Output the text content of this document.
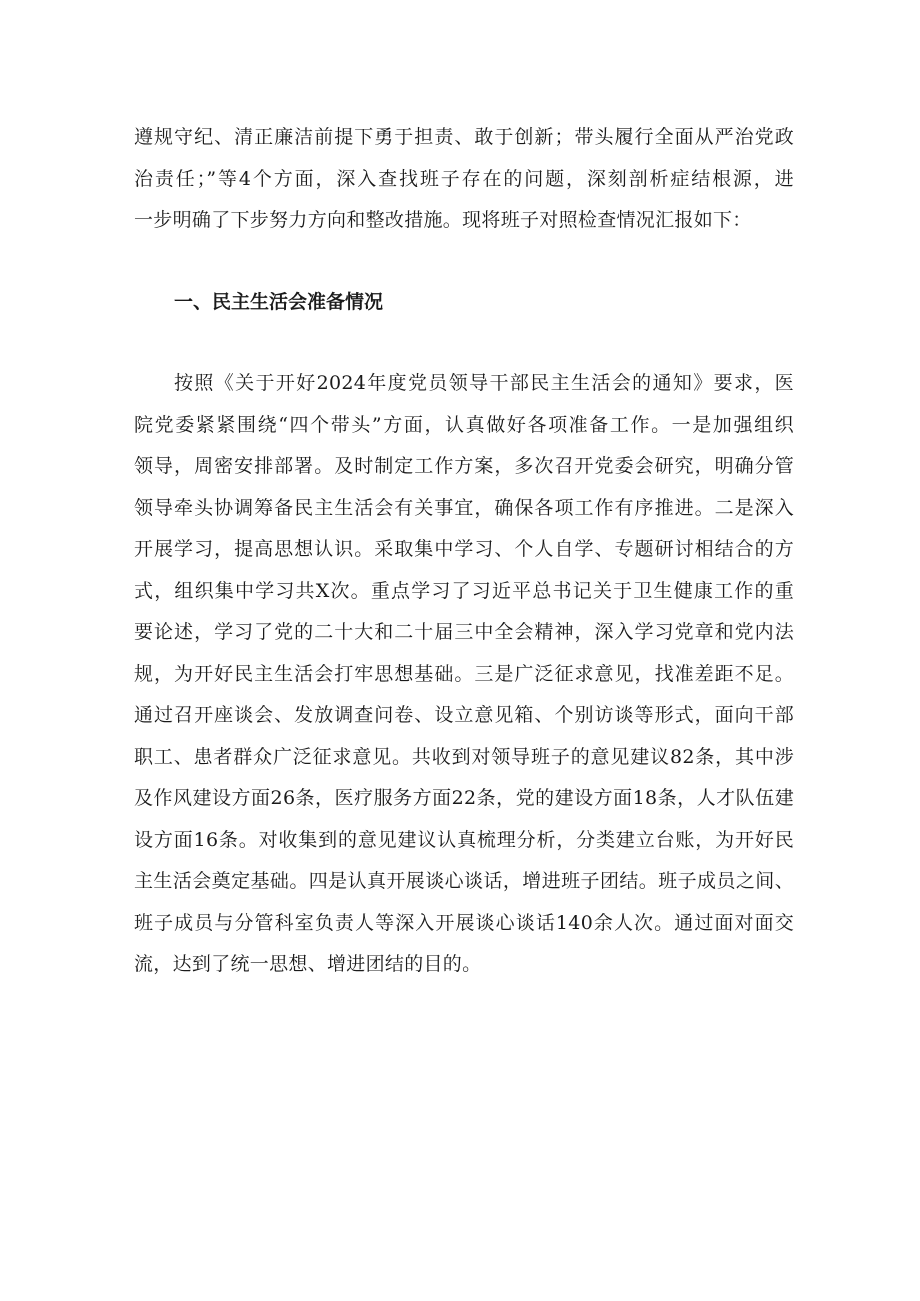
遵规守纪、清正廉洁前提下勇于担责、敢于创新；带头履行全面从严治党政
治责任；”等4个方面，深入查找班子存在的问题，深刻剖析症结根源，进
一步明确了下步努力方向和整改措施。现将班子对照检查情况汇报如下：
一、民主生活会准备情况
按照《关于开好2024年度党员领导干部民主生活会的通知》要求，医
院党委紧紧围绕“四个带头”方面，认真做好各项准备工作。一是加强组织
领导，周密安排部署。及时制定工作方案，多次召开党委会研究，明确分管
领导牵头协调筹备民主生活会有关事宜，确保各项工作有序推进。二是深入
开展学习，提高思想认识。采取集中学习、个人自学、专题研讨相结合的方
式，组织集中学习共X次。重点学习了习近平总书记关于卫生健康工作的重
要论述，学习了党的二十大和二十届三中全会精神，深入学习党章和党内法
规，为开好民主生活会打牢思想基础。三是广泛征求意见，找准差距不足。
通过召开座谈会、发放调查问卷、设立意见箱、个别访谈等形式，面向干部
职工、患者群众广泛征求意见。共收到对领导班子的意见建议82条，其中涉
及作风建设方面26条，医疗服务方面22条，党的建设方面18条，人才队伍建
设方面16条。对收集到的意见建议认真梳理分析，分类建立台账，为开好民
主生活会奠定基础。四是认真开展谈心谈话，增进班子团结。班子成员之间、
班子成员与分管科室负责人等深入开展谈心谈话140余人次。通过面对面交
流，达到了统一思想、增进团结的目的。
